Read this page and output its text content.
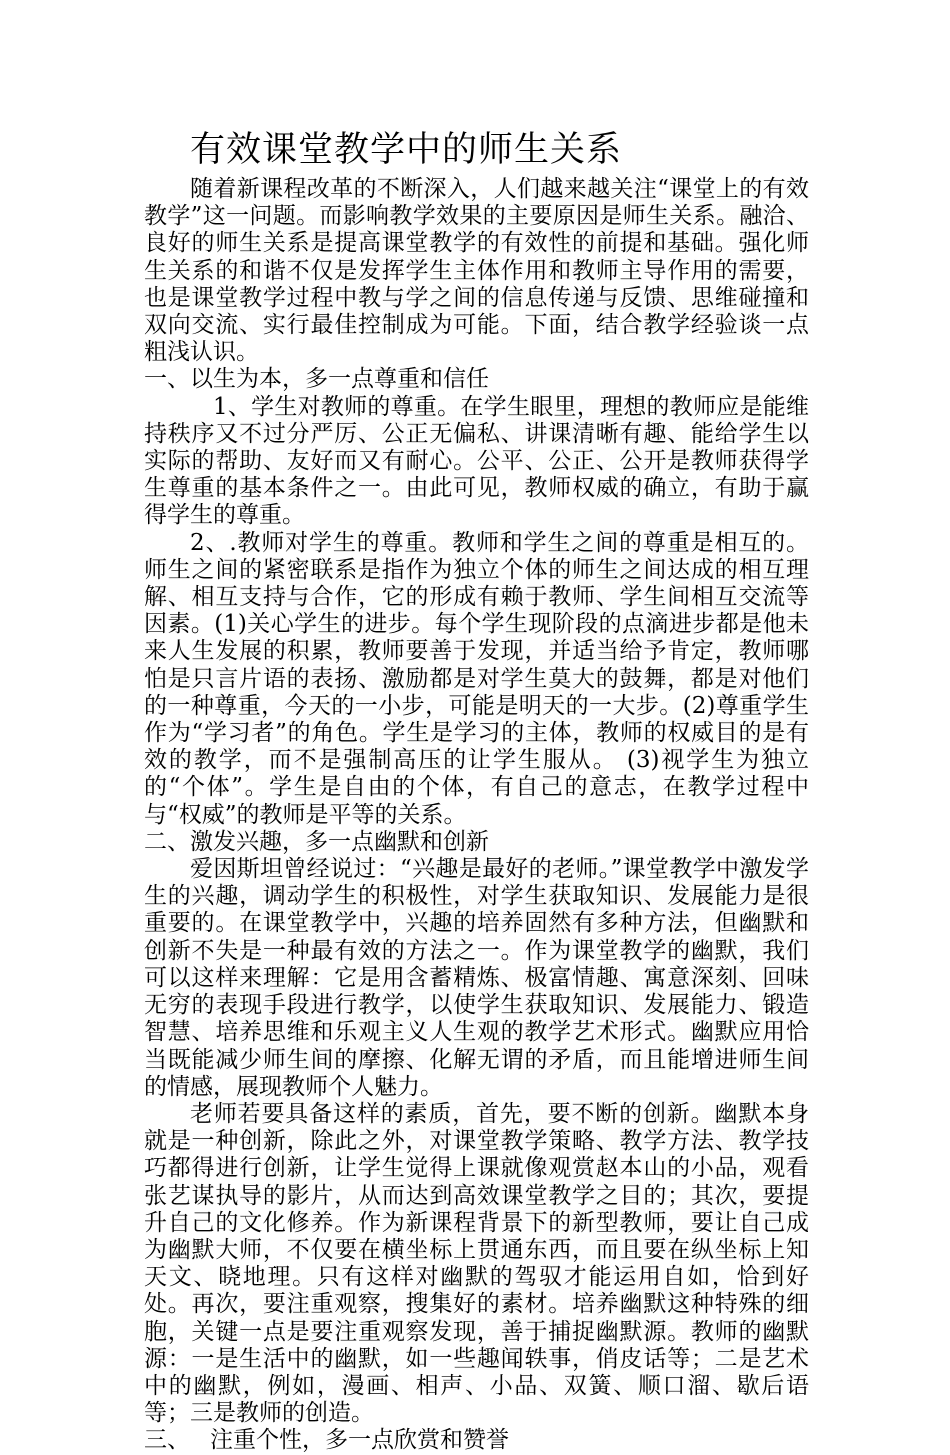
有效课堂教学中的师生关系

随着新课程改革的不断深入，人们越来越关注“课堂上的有效教学”这一问题。而影响教学效果的主要原因是师生关系。融洽、良好的师生关系是提高课堂教学的有效性的前提和基础。强化师生关系的和谐不仅是发挥学生主体作用和教师主导作用的需要，也是课堂教学过程中教与学之间的信息传递与反馈、思维碰撞和双向交流、实行最佳控制成为可能。下面，结合教学经验谈一点粗浅认识。

一、以生为本，多一点尊重和信任

1、学生对教师的尊重。在学生眼里，理想的教师应是能维持秩序又不过分严厉、公正无偏私、讲课清晰有趣、能给学生以实际的帮助、友好而又有耐心。公平、公正、公开是教师获得学生尊重的基本条件之一。由此可见，教师权威的确立，有助于赢得学生的尊重。

2、.教师对学生的尊重。教师和学生之间的尊重是相互的。师生之间的紧密联系是指作为独立个体的师生之间达成的相互理解、相互支持与合作，它的形成有赖于教师、学生间相互交流等因素。(1)关心学生的进步。每个学生现阶段的点滴进步都是他未来人生发展的积累，教师要善于发现，并适当给予肯定，教师哪怕是只言片语的表扬、激励都是对学生莫大的鼓舞，都是对他们的一种尊重，今天的一小步，可能是明天的一大步。(2)尊重学生作为“学习者”的角色。学生是学习的主体，教师的权威目的是有效的教学，而不是强制高压的让学生服从。 (3)视学生为独立的“个体”。学生是自由的个体，有自己的意志，在教学过程中与“权威”的教师是平等的关系。

二、激发兴趣，多一点幽默和创新

爱因斯坦曾经说过：“兴趣是最好的老师。”课堂教学中激发学生的兴趣，调动学生的积极性，对学生获取知识、发展能力是很重要的。在课堂教学中，兴趣的培养固然有多种方法，但幽默和创新不失是一种最有效的方法之一。作为课堂教学的幽默，我们可以这样来理解：它是用含蓄精炼、极富情趣、寓意深刻、回味无穷的表现手段进行教学，以使学生获取知识、发展能力、锻造智慧、培养思维和乐观主义人生观的教学艺术形式。幽默应用恰当既能减少师生间的摩擦、化解无谓的矛盾，而且能增进师生间的情感，展现教师个人魅力。

老师若要具备这样的素质，首先，要不断的创新。幽默本身就是一种创新，除此之外，对课堂教学策略、教学方法、教学技巧都得进行创新，让学生觉得上课就像观赏赵本山的小品，观看张艺谋执导的影片，从而达到高效课堂教学之目的；其次，要提升自己的文化修养。作为新课程背景下的新型教师，要让自己成为幽默大师，不仅要在横坐标上贯通东西，而且要在纵坐标上知天文、晓地理。只有这样对幽默的驾驭才能运用自如，恰到好处。再次，要注重观察，搜集好的素材。培养幽默这种特殊的细胞，关键一点是要注重观察发现，善于捕捉幽默源。教师的幽默源：一是生活中的幽默，如一些趣闻轶事，俏皮话等；二是艺术中的幽默，例如，漫画、相声、小品、双簧、顺口溜、歇后语等；三是教师的创造。

三、 注重个性，多一点欣赏和赞誉
